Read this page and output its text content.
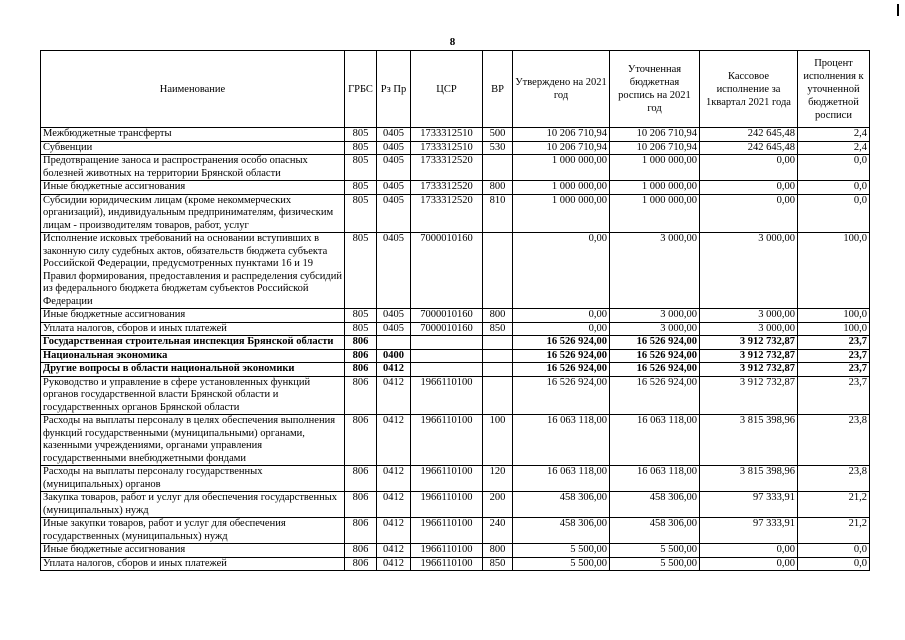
8
Наименование	ГРБС	Рз Пр	ЦСР	ВР	Утверждено на 2021 год	Уточненная бюджетная роспись на 2021 год	Кассовое исполнение за 1квартал 2021 года	Процент исполнения к уточненной бюджетной росписи
Межбюджетные трансферты	805	0405	1733312510	500	10 206 710,94	10 206 710,94	242 645,48	2,4
Субвенции	805	0405	1733312510	530	10 206 710,94	10 206 710,94	242 645,48	2,4
Предотвращение заноса и распространения особо опасных болезней животных на территории Брянской области	805	0405	1733312520		1 000 000,00	1 000 000,00	0,00	0,0
Иные бюджетные ассигнования	805	0405	1733312520	800	1 000 000,00	1 000 000,00	0,00	0,0
Субсидии юридическим лицам (кроме некоммерческих организаций), индивидуальным предпринимателям, физическим лицам - производителям товаров, работ, услуг	805	0405	1733312520	810	1 000 000,00	1 000 000,00	0,00	0,0
Исполнение исковых требований на основании вступивших в законную силу судебных актов, обязательств бюджета субъекта Российской Федерации, предусмотренных пунктами 16 и 19 Правил формирования, предоставления и распределения субсидий из федерального бюджета бюджетам субъектов Российской Федерации	805	0405	7000010160		0,00	3 000,00	3 000,00	100,0
Иные бюджетные ассигнования	805	0405	7000010160	800	0,00	3 000,00	3 000,00	100,0
Уплата налогов, сборов и иных платежей	805	0405	7000010160	850	0,00	3 000,00	3 000,00	100,0
Государственная строительная инспекция Брянской области	806				16 526 924,00	16 526 924,00	3 912 732,87	23,7
Национальная экономика	806	0400			16 526 924,00	16 526 924,00	3 912 732,87	23,7
Другие вопросы в области национальной экономики	806	0412			16 526 924,00	16 526 924,00	3 912 732,87	23,7
Руководство и управление в сфере установленных функций органов государственной власти Брянской области и государственных органов Брянской области	806	0412	1966110100		16 526 924,00	16 526 924,00	3 912 732,87	23,7
Расходы на выплаты персоналу в целях обеспечения выполнения функций государственными (муниципальными) органами, казенными учреждениями, органами управления государственными внебюджетными фондами	806	0412	1966110100	100	16 063 118,00	16 063 118,00	3 815 398,96	23,8
Расходы на выплаты персоналу государственных (муниципальных) органов	806	0412	1966110100	120	16 063 118,00	16 063 118,00	3 815 398,96	23,8
Закупка товаров, работ и услуг для обеспечения государственных (муниципальных) нужд	806	0412	1966110100	200	458 306,00	458 306,00	97 333,91	21,2
Иные закупки товаров, работ и услуг для обеспечения государственных (муниципальных) нужд	806	0412	1966110100	240	458 306,00	458 306,00	97 333,91	21,2
Иные бюджетные ассигнования	806	0412	1966110100	800	5 500,00	5 500,00	0,00	0,0
Уплата налогов, сборов и иных платежей	806	0412	1966110100	850	5 500,00	5 500,00	0,00	0,0
